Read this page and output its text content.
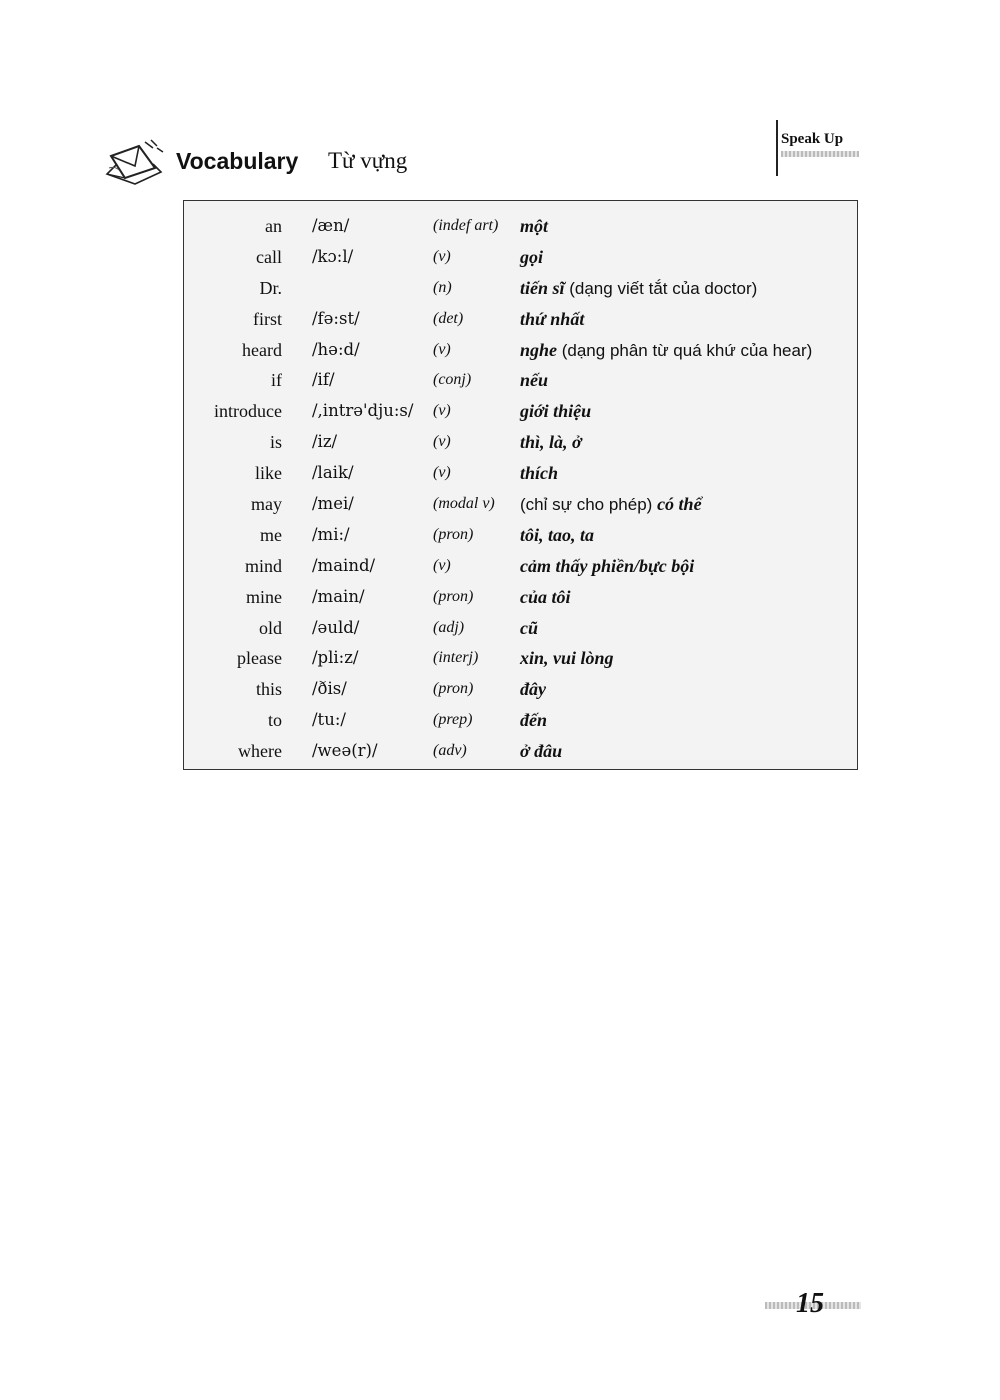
Vocabulary Từ vựng
Speak Up
an /æn/	(indef art) một
call /kɔ:l/	(v)	gọi
Dr.	(n)	tiến sĩ (dạng viết tắt của doctor)
first /fə:st/	(det)	thứ nhất
heard /hə:d/	(v)	nghe (dạng phân từ quá khứ của hear)
if /if/	(conj)	nếu
introduce /,intrə'dju:s/ (v)	giới thiệu
is /iz/	(v)	thì, là, ở
like /laik/	(v)	thích
may /mei/	(modal v) (chỉ sự cho phép) có thể
me /mi:/	(pron)	tôi, tao, ta
mind /maind/	(v)	cảm thấy phiền/bực bội
mine /main/	(pron)	của tôi
old /əuld/	(adj)	cũ
please /pli:z/	(interj) xin, vui lòng
this /ðis/	(pron)	đây
to /tu:/	(prep)	đến
where /weə(r)/	(adv)	ở đâu
15
